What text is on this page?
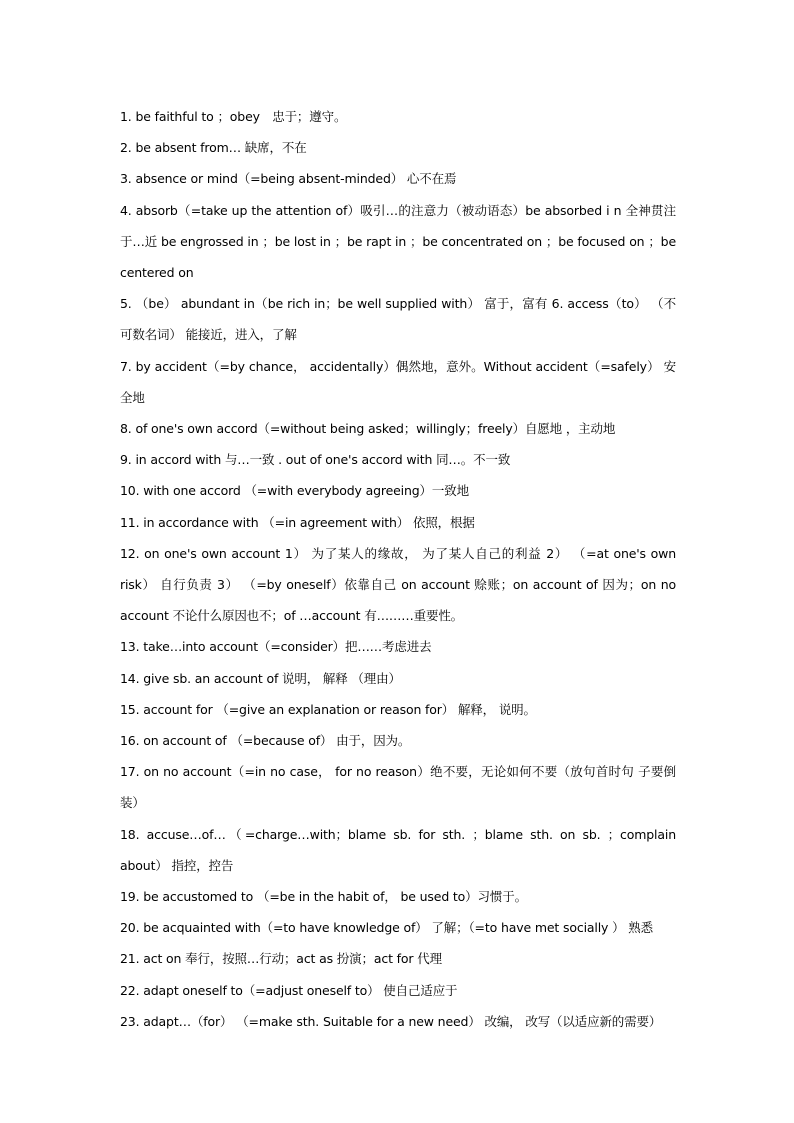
1. be faithful to ；obey　忠于；遵守。

2. be absent from… 缺席，不在

3. absence or mind（=being absent-minded） 心不在焉

4. absorb（=take up the attention of）吸引…的注意力（被动语态）be absorbed i n 全神贯注于…近 be engrossed in ；be lost in ；be rapt in ；be concentrated on ；be focused on ；be centered on

5. （be） abundant in（be rich in；be well supplied with） 富于，富有 6. access（to） （不可数名词） 能接近，进入，了解

7. by accident（=by chance， accidentally）偶然地，意外。Without accident（=safely） 安全地

8. of one's own accord（=without being asked；willingly；freely）自愿地 ，主动地

9. in accord with 与…一致 . out of one's accord with 同…。不一致

10. with one accord （=with everybody agreeing）一致地

11. in accordance with （=in agreement with） 依照，根据

12. on one's own account 1） 为了某人的缘故， 为了某人自己的利益 2） （=at one's own risk） 自行负责 3） （=by oneself）依靠自己 on account 赊账；on account of 因为；on no account 不论什么原因也不；of …account 有………重要性。

13. take…into account（=consider）把……考虑进去

14. give sb. an account of 说明， 解释 （理由）

15. account for （=give an explanation or reason for） 解释， 说明。

16. on account of （=because of） 由于，因为。

17. on no account（=in no case， for no reason）绝不要，无论如何不要（放句首时句 子要倒装）

18. accuse…of…（=charge…with；blame sb. for sth. ；blame sth. on sb. ；complain about） 指控，控告

19. be accustomed to （=be in the habit of， be used to）习惯于。

20. be acquainted with（=to have knowledge of） 了解；（=to have met socially ） 熟悉

21. act on 奉行，按照…行动；act as 扮演；act for 代理

22. adapt oneself to（=adjust oneself to） 使自己适应于

23. adapt…（for） （=make sth. Suitable for a new need） 改编， 改写（以适应新的需要）
